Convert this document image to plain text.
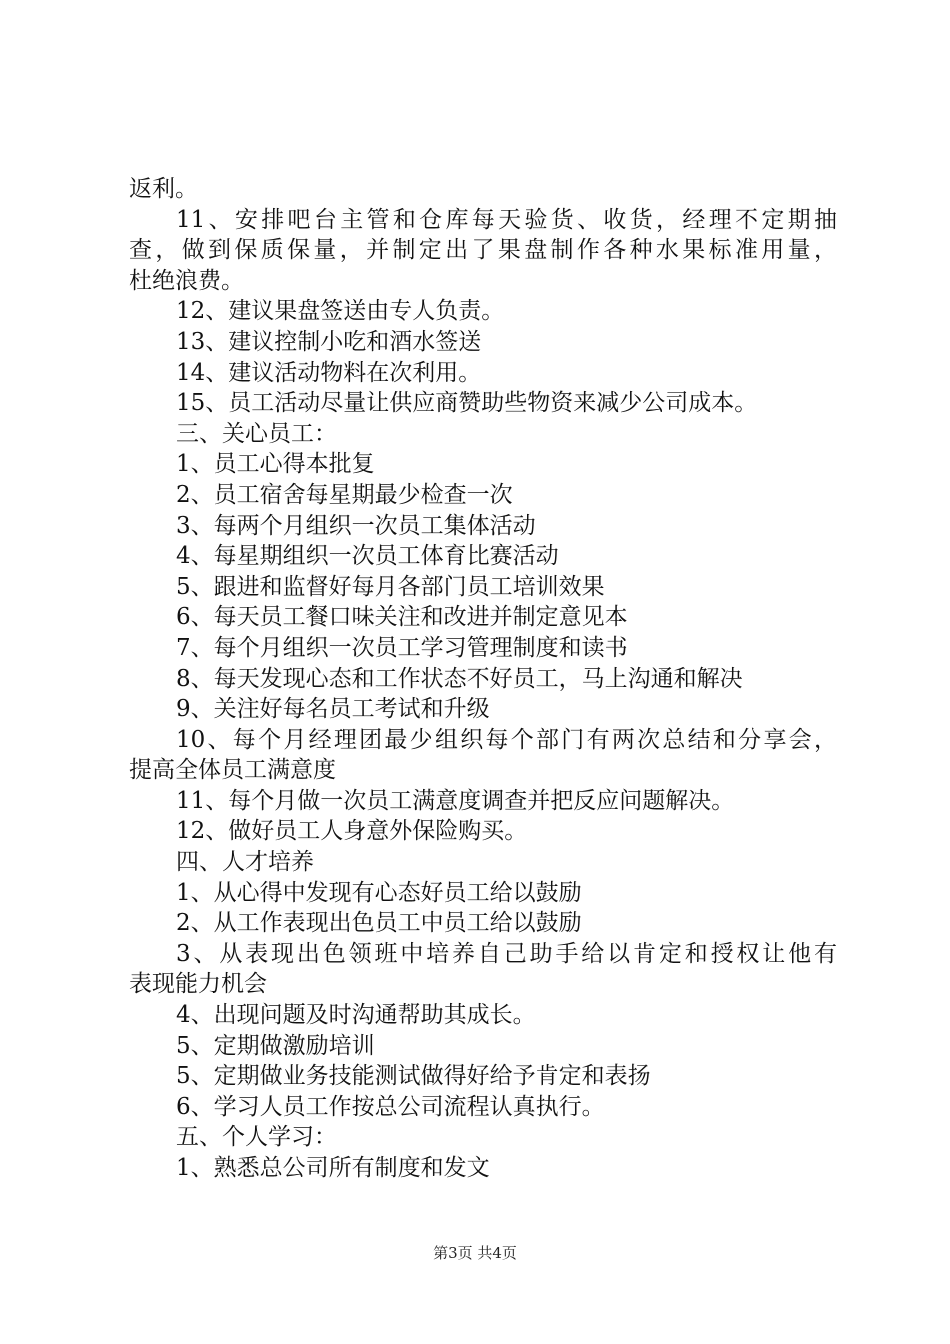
返利。
11、安排吧台主管和仓库每天验货、收货，经理不定期抽
查，做到保质保量，并制定出了果盘制作各种水果标准用量，
杜绝浪费。
12、建议果盘签送由专人负责。
13、建议控制小吃和酒水签送
14、建议活动物料在次利用。
15、员工活动尽量让供应商赞助些物资来减少公司成本。
三、关心员工：
1、员工心得本批复
2、员工宿舍每星期最少检查一次
3、每两个月组织一次员工集体活动
4、每星期组织一次员工体育比赛活动
5、跟进和监督好每月各部门员工培训效果
6、每天员工餐口味关注和改进并制定意见本
7、每个月组织一次员工学习管理制度和读书
8、每天发现心态和工作状态不好员工，马上沟通和解决
9、关注好每名员工考试和升级
10、每个月经理团最少组织每个部门有两次总结和分享会，
提高全体员工满意度
11、每个月做一次员工满意度调查并把反应问题解决。
12、做好员工人身意外保险购买。
四、人才培养
1、从心得中发现有心态好员工给以鼓励
2、从工作表现出色员工中员工给以鼓励
3、从表现出色领班中培养自己助手给以肯定和授权让他有
表现能力机会
4、出现问题及时沟通帮助其成长。
5、定期做激励培训
5、定期做业务技能测试做得好给予肯定和表扬
6、学习人员工作按总公司流程认真执行。
五、个人学习：
1、熟悉总公司所有制度和发文
第3页 共4页
